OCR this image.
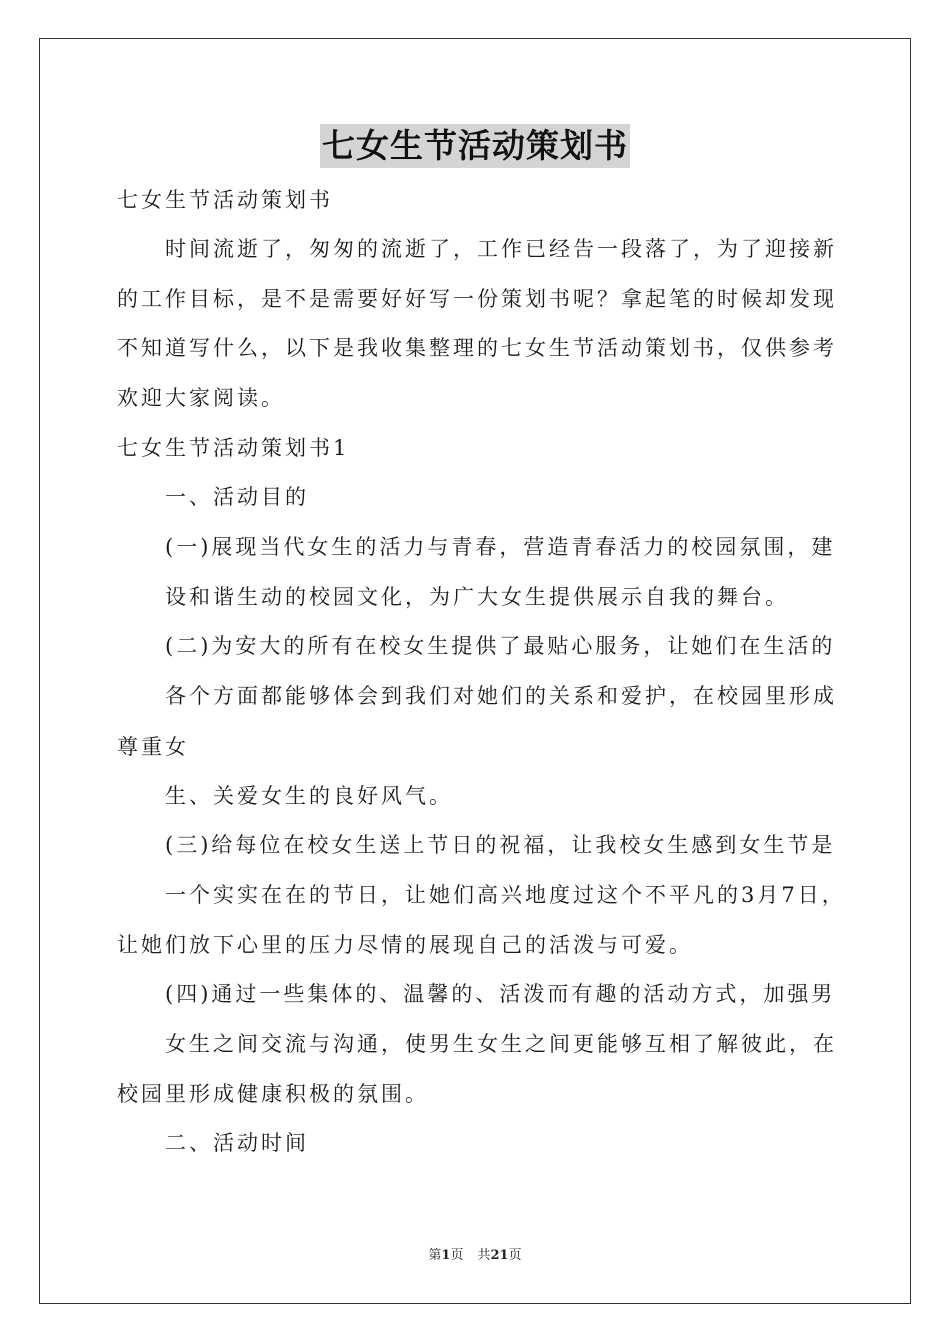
七女生节活动策划书
七女生节活动策划书
时间流逝了，匆匆的流逝了，工作已经告一段落了，为了迎接新
的工作目标，是不是需要好好写一份策划书呢？拿起笔的时候却发现
不知道写什么，以下是我收集整理的七女生节活动策划书，仅供参考
欢迎大家阅读。
七女生节活动策划书1
一、活动目的
(一)展现当代女生的活力与青春，营造青春活力的校园氛围，建
设和谐生动的校园文化，为广大女生提供展示自我的舞台。
(二)为安大的所有在校女生提供了最贴心服务，让她们在生活的
各个方面都能够体会到我们对她们的关系和爱护，在校园里形成
尊重女
生、关爱女生的良好风气。
(三)给每位在校女生送上节日的祝福，让我校女生感到女生节是
一个实实在在的节日，让她们高兴地度过这个不平凡的3月7日，
让她们放下心里的压力尽情的展现自己的活泼与可爱。
(四)通过一些集体的、温馨的、活泼而有趣的活动方式，加强男
女生之间交流与沟通，使男生女生之间更能够互相了解彼此，在
校园里形成健康积极的氛围。
二、活动时间
第1页 共21页
